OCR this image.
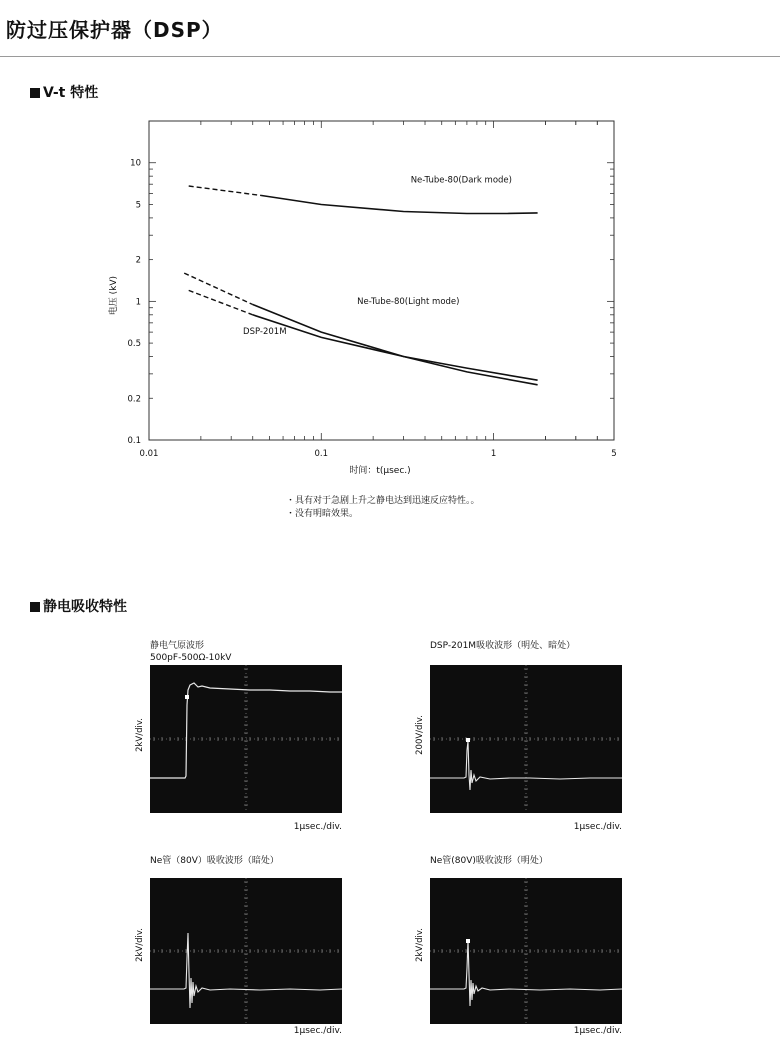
防过压保护器（DSP）
V-t 特性
0.01	0.1	1	5
0.1
0.2
0.5
1
2
5
10
时间：t(μsec.)
电压 (kV)
Ne-Tube-80(Dark mode)
Ne-Tube-80(Light mode)
DSP-201M
・具有对于急剧上升之静电达到迅速反应特性。。
・没有明暗效果。
静电吸收特性
静电气原波形
500pF-500Ω-10kV
2kV/div.
1μsec./div.
DSP-201M吸收波形（明处、暗处）
200V/div.
1μsec./div.
Ne管（80V）吸收波形（暗处）
2kV/div.
1μsec./div.
Ne管(80V)吸收波形（明处）
2kV/div.
1μsec./div.
